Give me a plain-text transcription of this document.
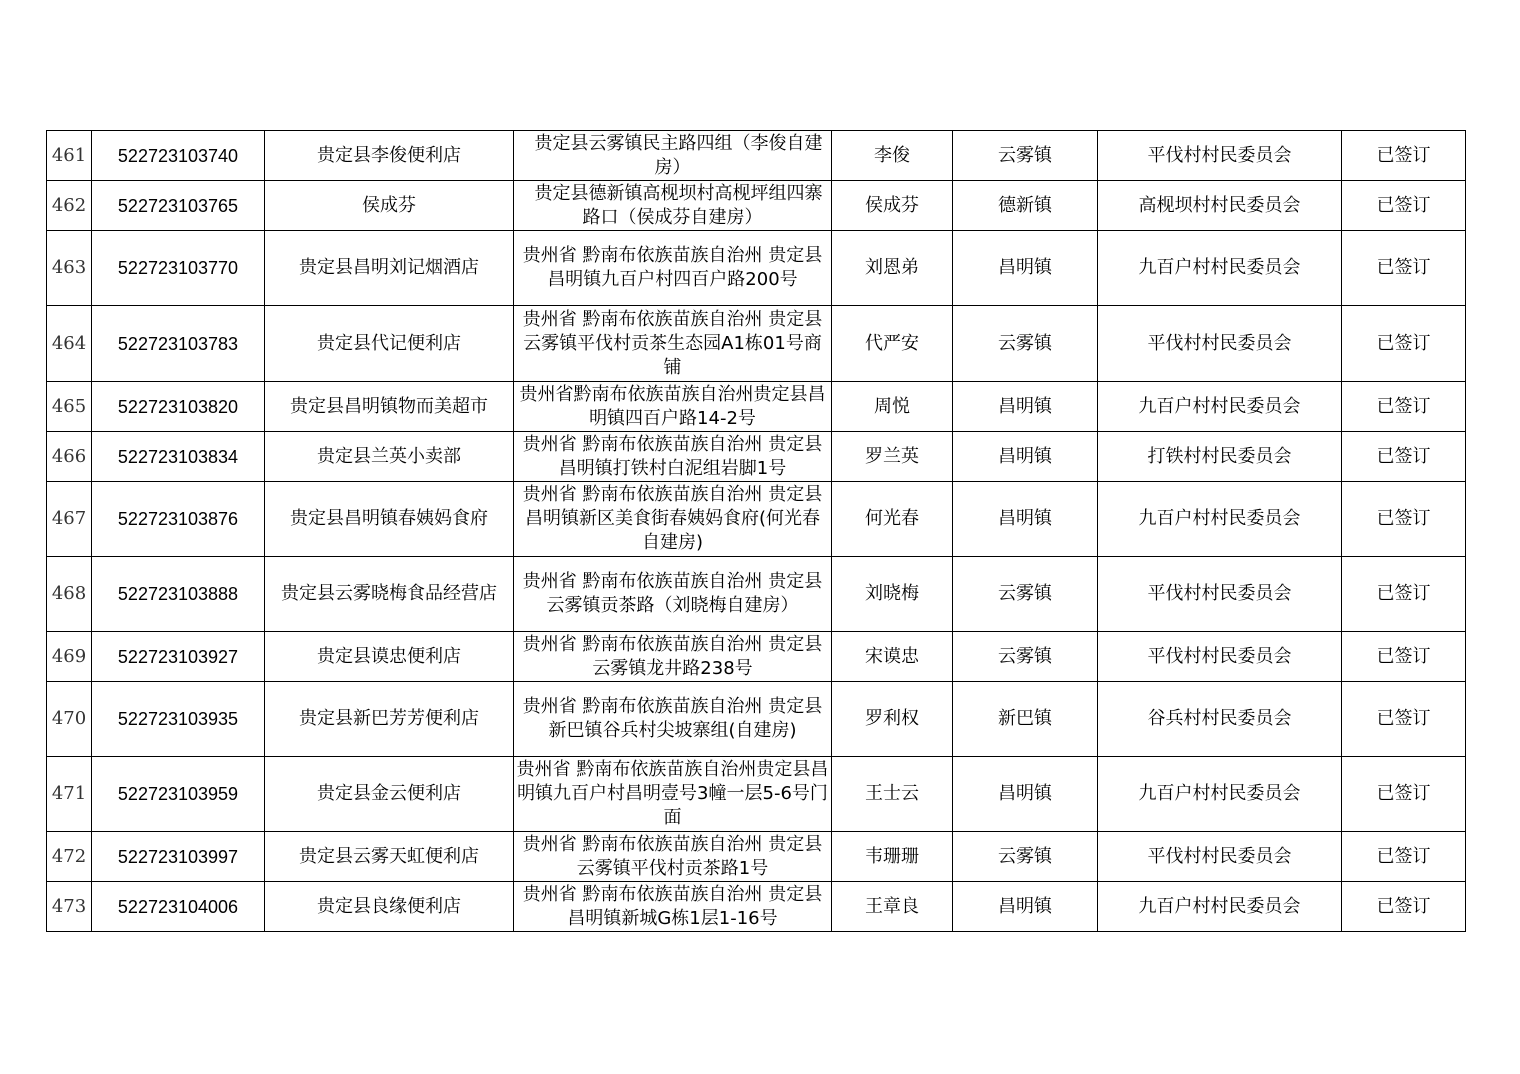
461	522723103740	贵定县李俊便利店	贵定县云雾镇民主路四组（李俊自建房）	李俊	云雾镇	平伐村村民委员会	已签订
462	522723103765	侯成芬	贵定县德新镇高枧坝村高枧坪组四寨路口（侯成芬自建房）	侯成芬	德新镇	高枧坝村村民委员会	已签订
463	522723103770	贵定县昌明刘记烟酒店	贵州省 黔南布依族苗族自治州 贵定县昌明镇九百户村四百户路200号	刘恩弟	昌明镇	九百户村村民委员会	已签订
464	522723103783	贵定县代记便利店	贵州省 黔南布依族苗族自治州 贵定县云雾镇平伐村贡茶生态园A1栋01号商铺	代严安	云雾镇	平伐村村民委员会	已签订
465	522723103820	贵定县昌明镇物而美超市	贵州省黔南布依族苗族自治州贵定县昌明镇四百户路14-2号	周悦	昌明镇	九百户村村民委员会	已签订
466	522723103834	贵定县兰英小卖部	贵州省 黔南布依族苗族自治州 贵定县昌明镇打铁村白泥组岩脚1号	罗兰英	昌明镇	打铁村村民委员会	已签订
467	522723103876	贵定县昌明镇春姨妈食府	贵州省 黔南布依族苗族自治州 贵定县昌明镇新区美食街春姨妈食府(何光春自建房)	何光春	昌明镇	九百户村村民委员会	已签订
468	522723103888	贵定县云雾晓梅食品经营店	贵州省 黔南布依族苗族自治州 贵定县云雾镇贡茶路（刘晓梅自建房）	刘晓梅	云雾镇	平伐村村民委员会	已签订
469	522723103927	贵定县谟忠便利店	贵州省 黔南布依族苗族自治州 贵定县云雾镇龙井路238号	宋谟忠	云雾镇	平伐村村民委员会	已签订
470	522723103935	贵定县新巴芳芳便利店	贵州省 黔南布依族苗族自治州 贵定县新巴镇谷兵村尖坡寨组(自建房)	罗利权	新巴镇	谷兵村村民委员会	已签订
471	522723103959	贵定县金云便利店	贵州省 黔南布依族苗族自治州贵定县昌明镇九百户村昌明壹号3幢一层5-6号门面	王士云	昌明镇	九百户村村民委员会	已签订
472	522723103997	贵定县云雾天虹便利店	贵州省 黔南布依族苗族自治州 贵定县云雾镇平伐村贡茶路1号	韦珊珊	云雾镇	平伐村村民委员会	已签订
473	522723104006	贵定县良缘便利店	贵州省 黔南布依族苗族自治州 贵定县昌明镇新城G栋1层1-16号	王章良	昌明镇	九百户村村民委员会	已签订
